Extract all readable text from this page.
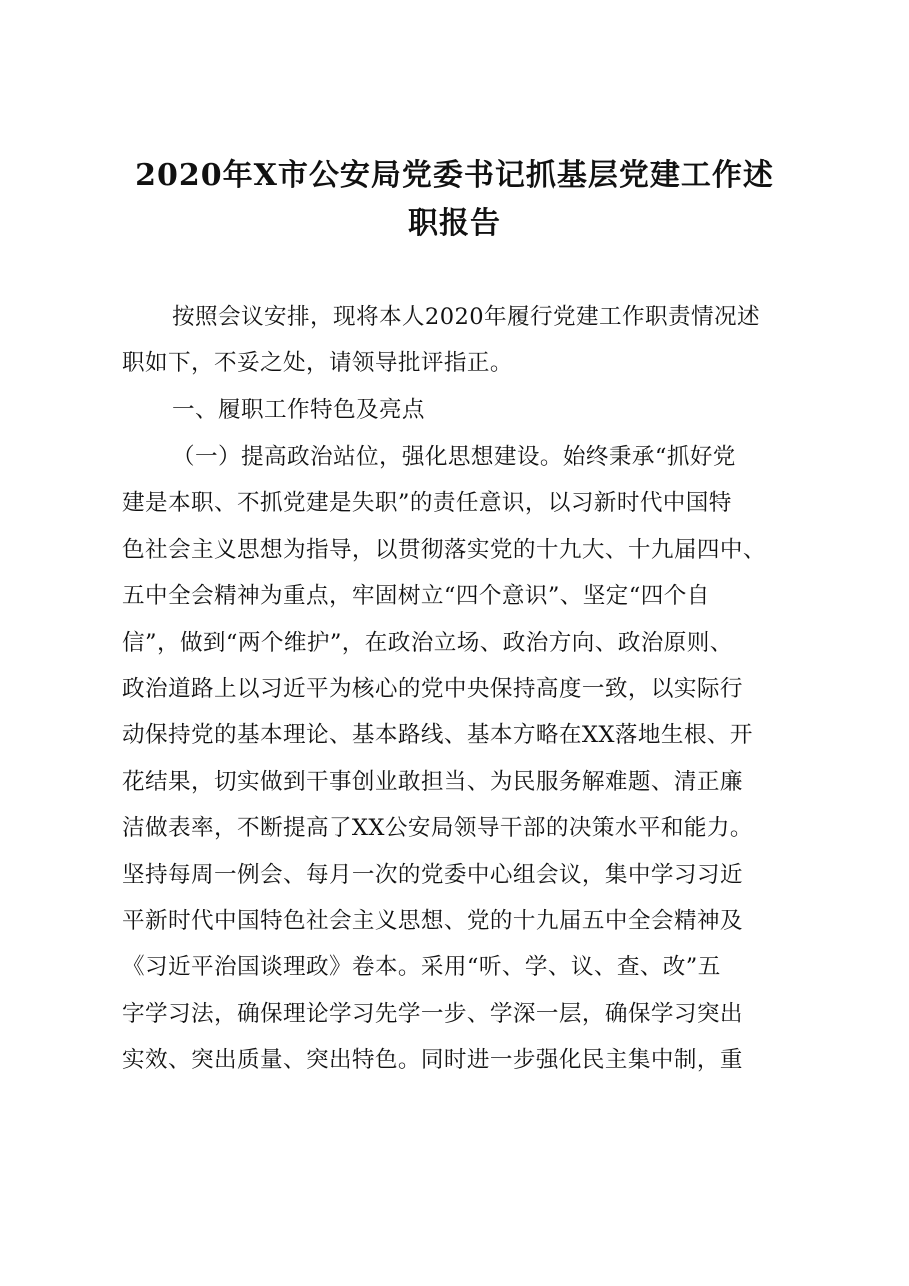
2020年X市公安局党委书记抓基层党建工作述
职报告

按照会议安排，现将本人2020年履行党建工作职责情况述
职如下，不妥之处，请领导批评指正。

一、履职工作特色及亮点

（一）提高政治站位，强化思想建设。始终秉承“抓好党
建是本职、不抓党建是失职”的责任意识，以习新时代中国特
色社会主义思想为指导，以贯彻落实党的十九大、十九届四中、
五中全会精神为重点，牢固树立“四个意识”、坚定“四个自
信”，做到“两个维护”，在政治立场、政治方向、政治原则、
政治道路上以习近平为核心的党中央保持高度一致，以实际行
动保持党的基本理论、基本路线、基本方略在XX落地生根、开
花结果，切实做到干事创业敢担当、为民服务解难题、清正廉
洁做表率，不断提高了XX公安局领导干部的决策水平和能力。
坚持每周一例会、每月一次的党委中心组会议，集中学习习近
平新时代中国特色社会主义思想、党的十九届五中全会精神及
《习近平治国谈理政》卷本。采用“听、学、议、查、改”五
字学习法，确保理论学习先学一步、学深一层，确保学习突出
实效、突出质量、突出特色。同时进一步强化民主集中制，重
